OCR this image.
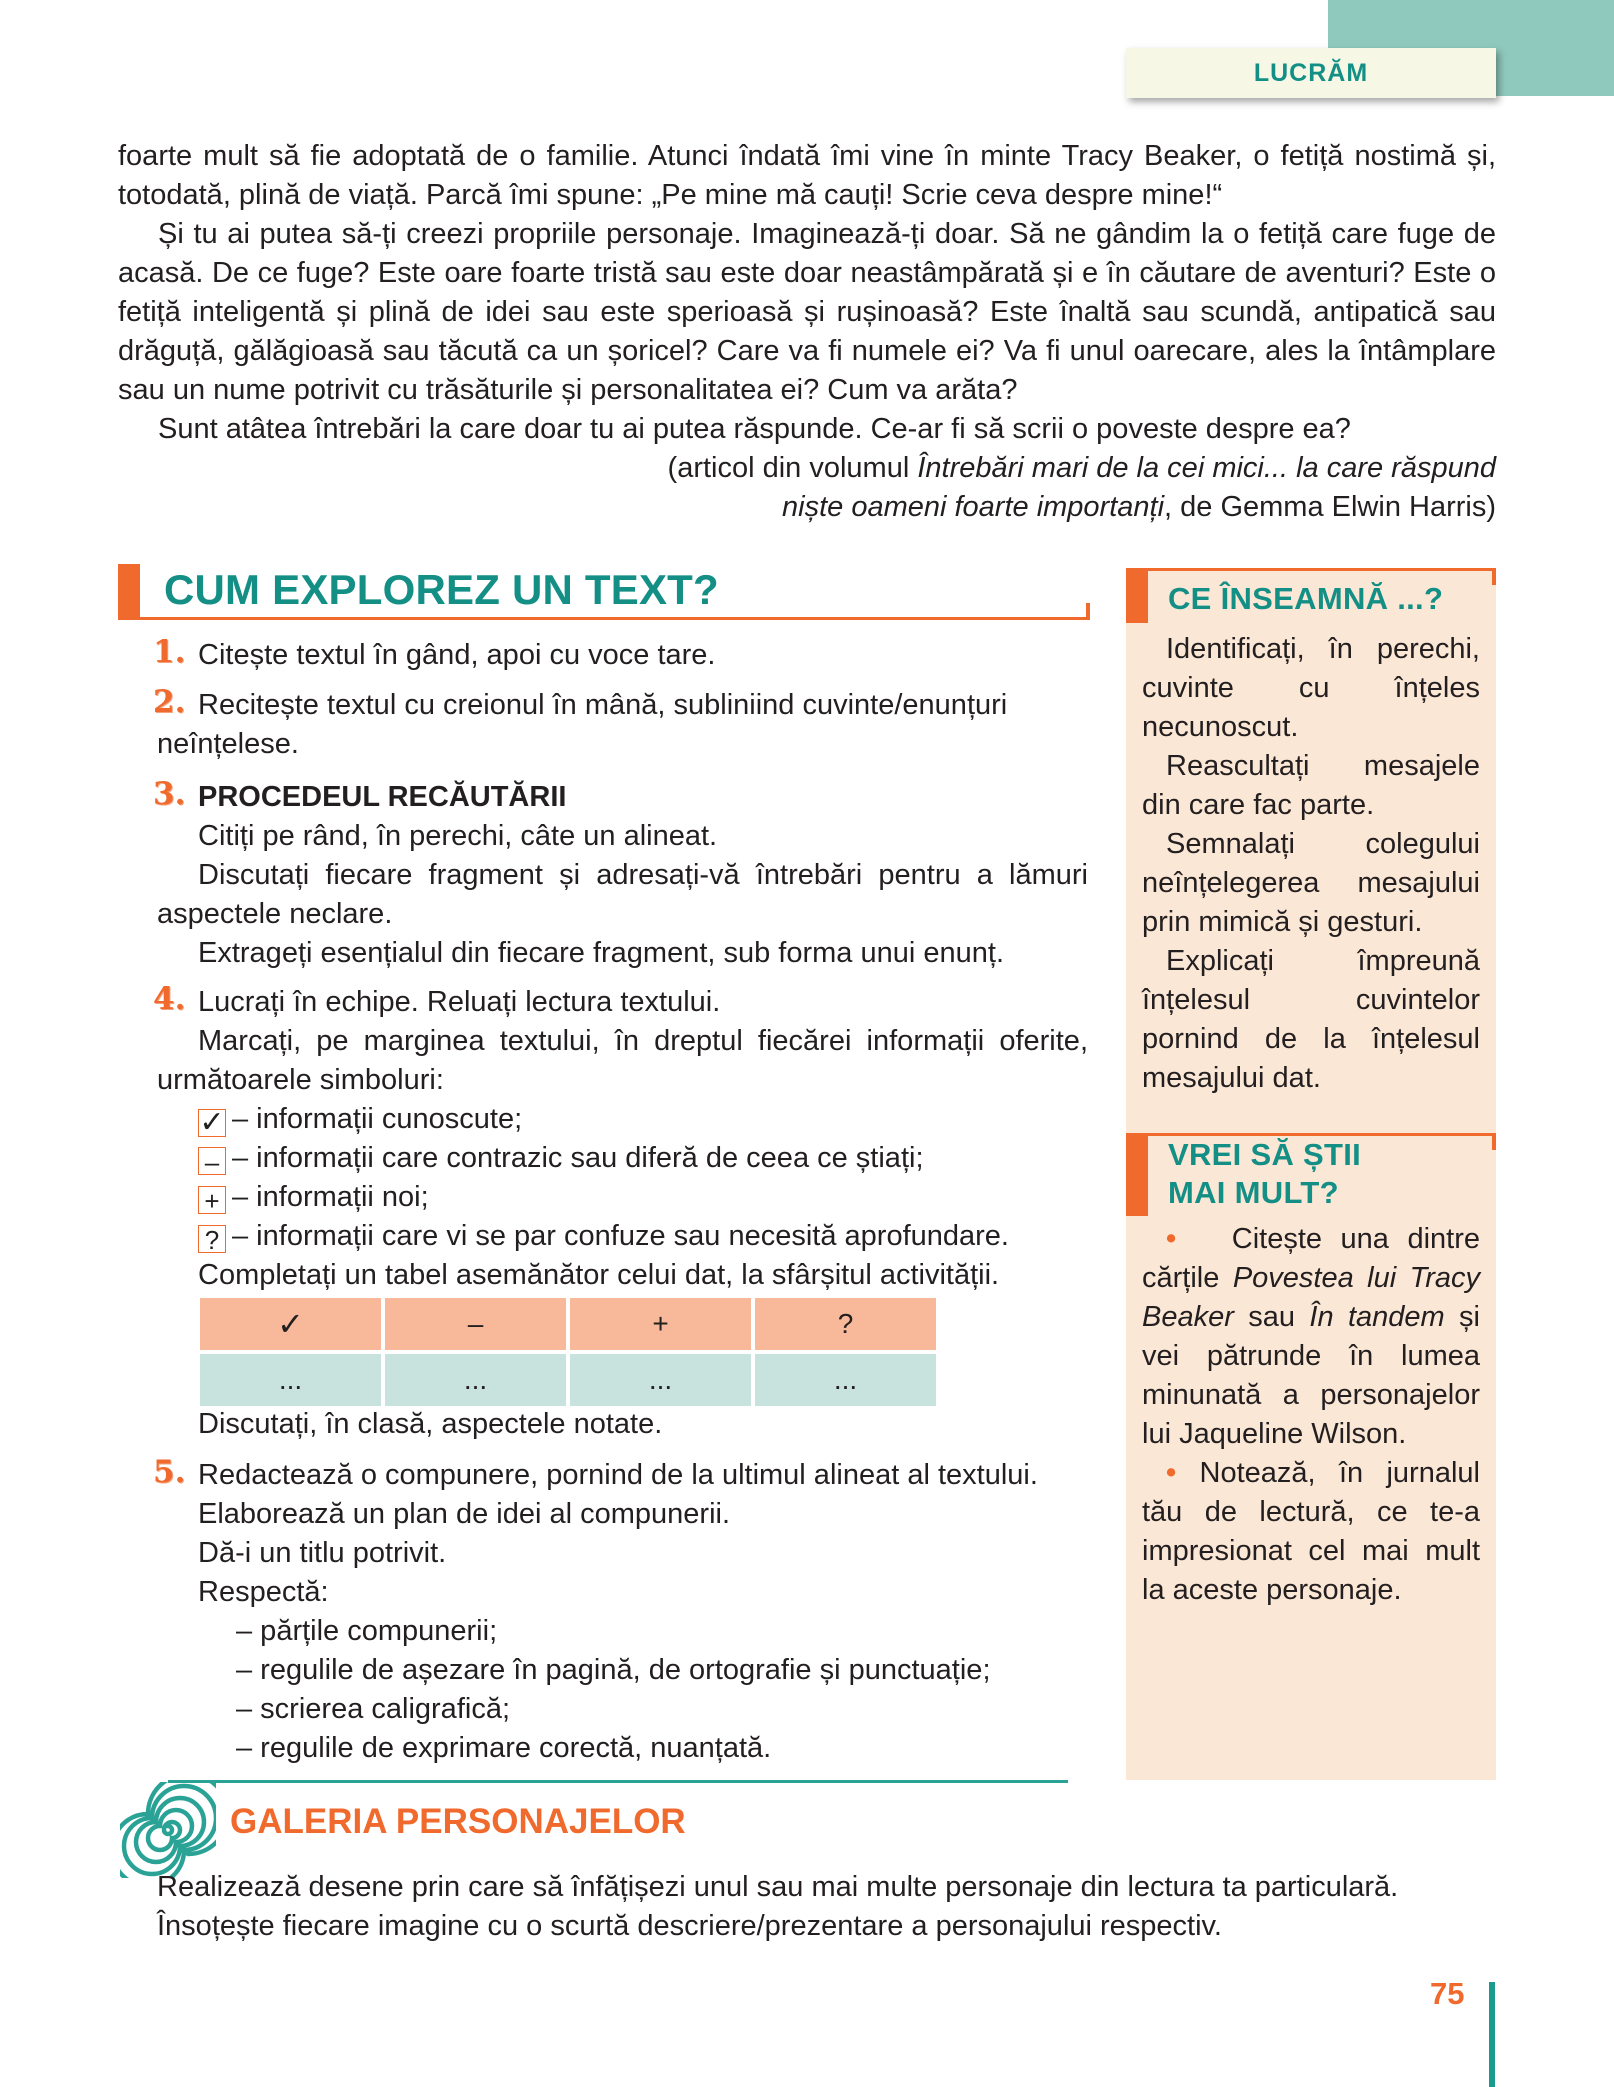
LUCRĂM

foarte mult să fie adoptată de o familie. Atunci îndată îmi vine în minte Tracy Beaker, o fetiță nostimă și, totodată, plină de viață. Parcă îmi spune: „Pe mine mă cauți! Scrie ceva despre mine!“

Și tu ai putea să-ți creezi propriile personaje. Imaginează-ți doar. Să ne gândim la o fetiță care fuge de acasă. De ce fuge? Este oare foarte tristă sau este doar neastâmpărată și e în căutare de aventuri? Este o fetiță inteligentă și plină de idei sau este sperioasă și rușinoasă? Este înaltă sau scundă, antipatică sau drăguță, gălăgioasă sau tăcută ca un șoricel? Care va fi numele ei? Va fi unul oarecare, ales la întâmplare sau un nume potrivit cu trăsăturile și personalitatea ei? Cum va arăta?

Sunt atâtea întrebări la care doar tu ai putea răspunde. Ce-ar fi să scrii o poveste despre ea?

(articol din volumul Întrebări mari de la cei mici... la care răspund
niște oameni foarte importanți, de Gemma Elwin Harris)

CUM EXPLOREZ UN TEXT?
1. Citește textul în gând, apoi cu voce tare.
2. Recitește textul cu creionul în mână, subliniind cuvinte/enunțuri neînțelese.
3. PROCEDEUL RECĂUTĂRII
Citiți pe rând, în perechi, câte un alineat.
Discutați fiecare fragment și adresați-vă întrebări pentru a lămuri aspectele neclare.
Extrageți esențialul din fiecare fragment, sub forma unui enunț.
4. Lucrați în echipe. Reluați lectura textului.
Marcați, pe marginea textului, în dreptul fiecărei informații oferite, următoarele simboluri:
✓ – informații cunoscute;
– – informații care contrazic sau diferă de ceea ce știați;
+ – informații noi;
? – informații care vi se par confuze sau necesită aprofundare.
Completați un tabel asemănător celui dat, la sfârșitul activității.
✓	–	+	?
...	...	...	...
Discutați, în clasă, aspectele notate.
5. Redactează o compunere, pornind de la ultimul alineat al textului.
Elaborează un plan de idei al compunerii.
Dă-i un titlu potrivit.
Respectă:
– părțile compunerii;
– regulile de așezare în pagină, de ortografie și punctuație;
– scrierea caligrafică;
– regulile de exprimare corectă, nuanțată.
CE ÎNSEAMNĂ ...?

Identificați, în perechi, cuvinte cu înțeles necunoscut.

Reascultați mesajele din care fac parte.

Semnalați colegului neînțelegerea mesajului prin mimică și gesturi.

Explicați împreună înțelesul cuvintelor pornind de la înțelesul mesajului dat.

VREI SĂ ȘTII
MAI MULT?

• Citește una dintre cărțile Povestea lui Tracy Beaker sau În tandem și vei pătrunde în lumea minunată a personajelor lui Jaqueline Wilson.

• Notează, în jurnalul tău de lectură, ce te-a impresionat cel mai mult la aceste personaje.

GALERIA PERSONAJELOR
Realizează desene prin care să înfățișezi unul sau mai multe personaje din lectura ta particulară.
Însoțește fiecare imagine cu o scurtă descriere/prezentare a personajului respectiv.
75
